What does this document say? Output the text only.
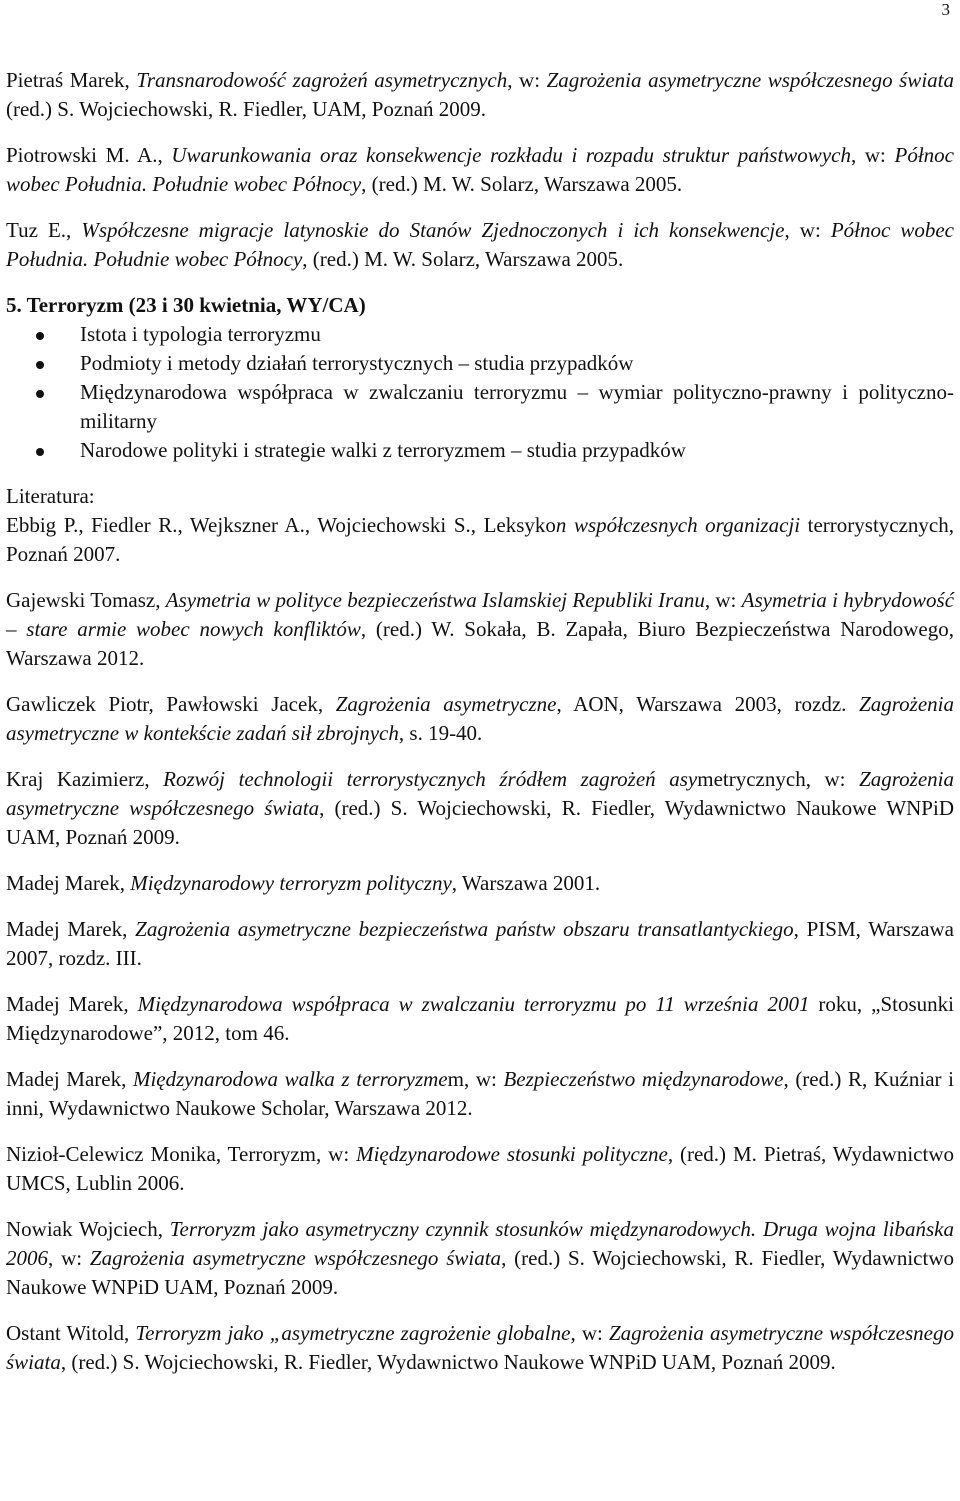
3

Pietraś Marek, Transnarodowość zagrożeń asymetrycznych, w: Zagrożenia asymetryczne współczesnego świata (red.) S. Wojciechowski, R. Fiedler, UAM, Poznań 2009.

Piotrowski M. A., Uwarunkowania oraz konsekwencje rozkładu i rozpadu struktur państwowych, w: Północ wobec Południa. Południe wobec Północy, (red.) M. W. Solarz, Warszawa 2005.

Tuz E., Współczesne migracje latynoskie do Stanów Zjednoczonych i ich konsekwencje, w: Północ wobec Południa. Południe wobec Północy, (red.) M. W. Solarz, Warszawa 2005.

5. Terroryzm (23 i 30 kwietnia, WY/CA)

Istota i typologia terroryzmu
Podmioty i metody działań terrorystycznych – studia przypadków
Międzynarodowa współpraca w zwalczaniu terroryzmu – wymiar polityczno-prawny i polityczno-militarny
Narodowe polityki i strategie walki z terroryzmem – studia przypadków

Literatura:

Ebbig P., Fiedler R., Wejkszner A., Wojciechowski S., Leksykon współczesnych organizacji terrorystycznych, Poznań 2007.

Gajewski Tomasz, Asymetria w polityce bezpieczeństwa Islamskiej Republiki Iranu, w: Asymetria i hybrydowość – stare armie wobec nowych konfliktów, (red.) W. Sokała, B. Zapała, Biuro Bezpieczeństwa Narodowego, Warszawa 2012.

Gawliczek Piotr, Pawłowski Jacek, Zagrożenia asymetryczne, AON, Warszawa 2003, rozdz. Zagrożenia asymetryczne w kontekście zadań sił zbrojnych, s. 19-40.

Kraj Kazimierz, Rozwój technologii terrorystycznych źródłem zagrożeń asymetrycznych, w: Zagrożenia asymetryczne współczesnego świata, (red.) S. Wojciechowski, R. Fiedler, Wydawnictwo Naukowe WNPiD UAM, Poznań 2009.

Madej Marek, Międzynarodowy terroryzm polityczny, Warszawa 2001.

Madej Marek, Zagrożenia asymetryczne bezpieczeństwa państw obszaru transatlantyckiego, PISM, Warszawa 2007, rozdz. III.

Madej Marek, Międzynarodowa współpraca w zwalczaniu terroryzmu po 11 września 2001 roku, „Stosunki Międzynarodowe”, 2012, tom 46.

Madej Marek, Międzynarodowa walka z terroryzmem, w: Bezpieczeństwo międzynarodowe, (red.) R, Kuźniar i inni, Wydawnictwo Naukowe Scholar, Warszawa 2012.

Nizioł-Celewicz Monika, Terroryzm, w: Międzynarodowe stosunki polityczne, (red.) M. Pietraś, Wydawnictwo UMCS, Lublin 2006.

Nowiak Wojciech, Terroryzm jako asymetryczny czynnik stosunków międzynarodowych. Druga wojna libańska 2006, w: Zagrożenia asymetryczne współczesnego świata, (red.) S. Wojciechowski, R. Fiedler, Wydawnictwo Naukowe WNPiD UAM, Poznań 2009.

Ostant Witold, Terroryzm jako „asymetryczne zagrożenie globalne, w: Zagrożenia asymetryczne współczesnego świata, (red.) S. Wojciechowski, R. Fiedler, Wydawnictwo Naukowe WNPiD UAM, Poznań 2009.
